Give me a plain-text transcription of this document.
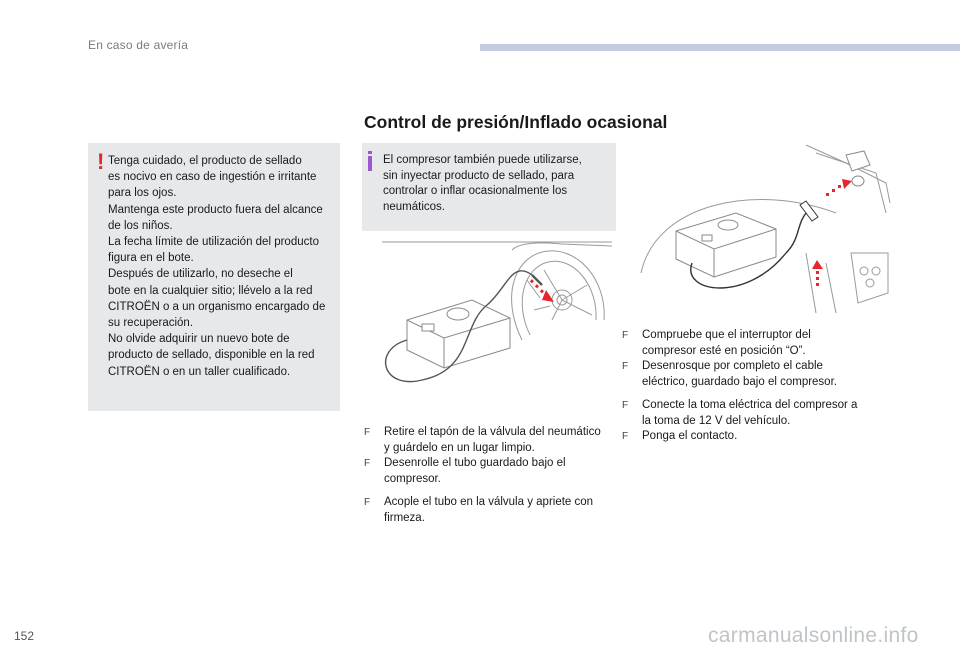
En caso de avería
Control de presión/Inflado ocasional
! Tenga cuidado, el producto de sellado
es nocivo en caso de ingestión e irritante
para los ojos.
Mantenga este producto fuera del alcance
de los niños.
La fecha límite de utilización del producto
figura en el bote.
Después de utilizarlo, no deseche el
bote en la cualquier sitio; llévelo a la red
CITROËN o a un organismo encargado de
su recuperación.
No olvide adquirir un nuevo bote de
producto de sellado, disponible en la red
CITROËN o en un taller cualificado.
El compresor también puede utilizarse,
sin inyectar producto de sellado, para
controlar o inflar ocasionalmente los
neumáticos.
F Retire el tapón de la válvula del neumático
y guárdelo en un lugar limpio.
F Desenrolle el tubo guardado bajo el
compresor.
F Acople el tubo en la válvula y apriete con
firmeza.
F Compruebe que el interruptor del
compresor esté en posición “O”.
F Desenrosque por completo el cable
eléctrico, guardado bajo el compresor.
F Conecte la toma eléctrica del compresor a
la toma de 12 V del vehículo.
F Ponga el contacto.
152	carmanualsonline.info
